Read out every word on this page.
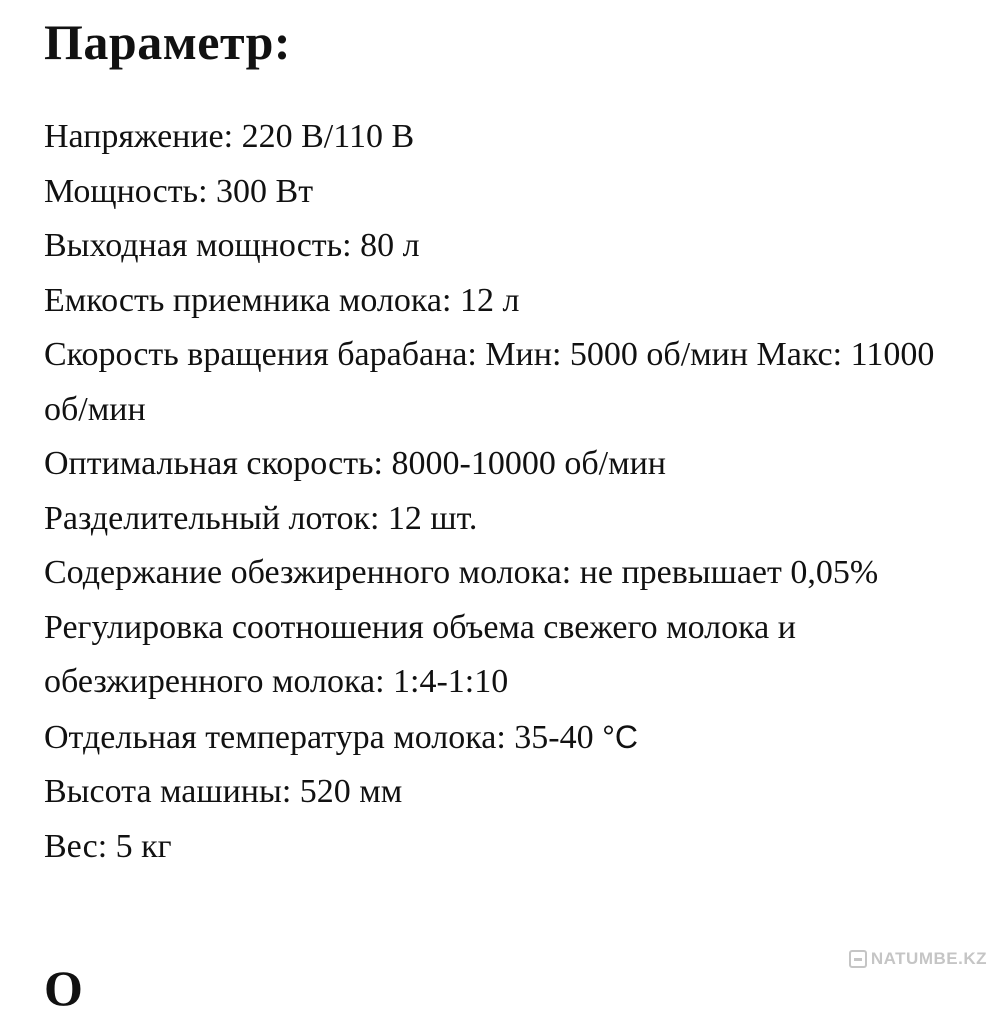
Параметр:
Напряжение: 220 В/110 В
Мощность: 300 Вт
Выходная мощность: 80 л
Емкость приемника молока: 12 л
Скорость вращения барабана: Мин: 5000 об/мин Макс: 11000 об/мин
Оптимальная скорость: 8000-10000 об/мин
Разделительный лоток: 12 шт.
Содержание обезжиренного молока: не превышает 0,05%
Регулировка соотношения объема свежего молока и обезжиренного молока: 1:4-1:10
Отдельная температура молока: 35-40 °C
Высота машины: 520 мм
Вес: 5 кг
О
NATUMBE.KZ
